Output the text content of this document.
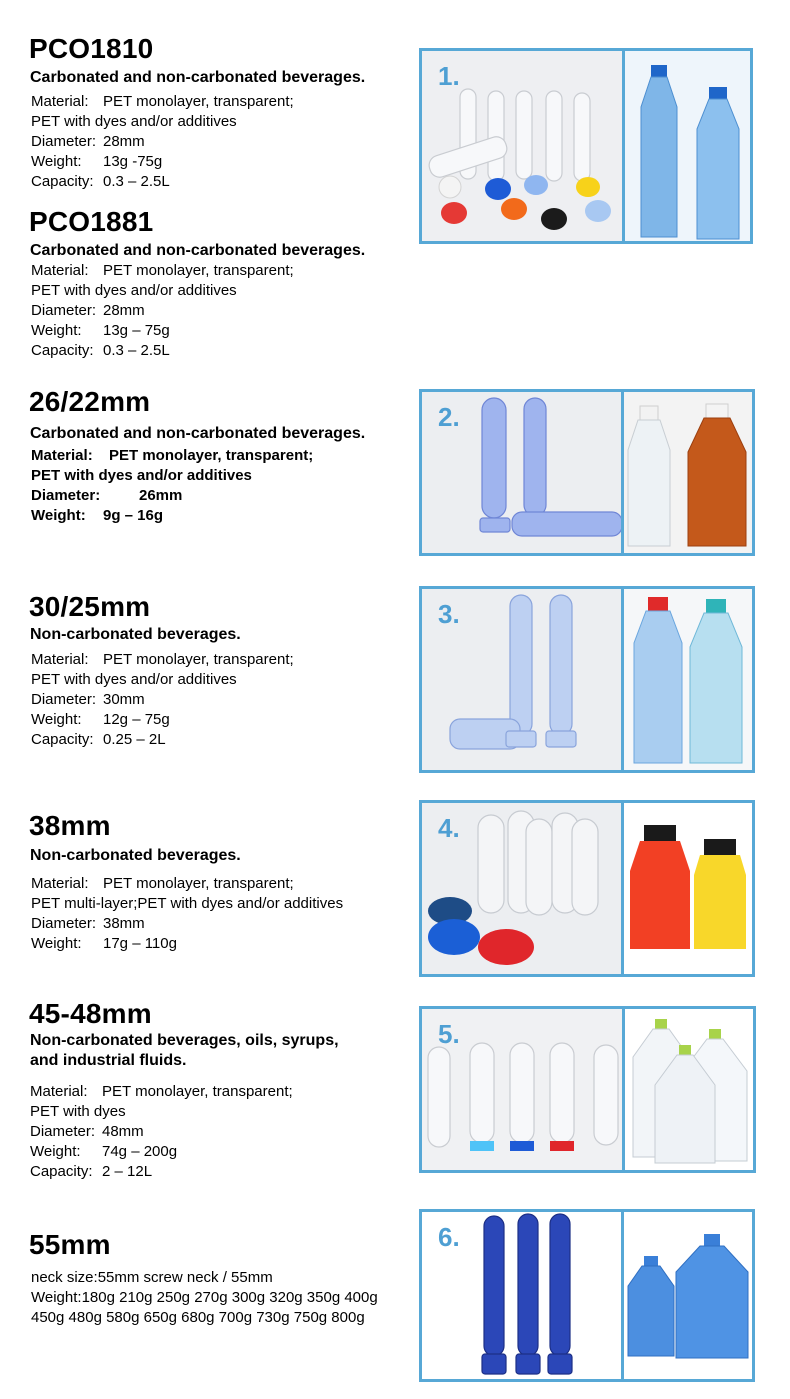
PCO1810
Carbonated and non-carbonated beverages.
Material: PET monolayer, transparent;
PET with dyes and/or additives
Diameter: 28mm
Weight: 13g -75g
Capacity: 0.3 – 2.5L
PCO1881
Carbonated and non-carbonated beverages.
Material: PET monolayer, transparent;
PET with dyes and/or additives
Diameter: 28mm
Weight: 13g – 75g
Capacity: 0.3 – 2.5L
26/22mm
Carbonated and non-carbonated beverages.
Material: PET monolayer, transparent;
PET with dyes and/or additives
Diameter:	26mm
Weight: 9g – 16g
30/25mm
Non-carbonated beverages.
Material: PET monolayer, transparent;
PET with dyes and/or additives
Diameter: 30mm
Weight: 12g – 75g
Capacity: 0.25 – 2L
38mm
Non-carbonated beverages.
Material: PET monolayer, transparent;
PET multi-layer;PET with dyes and/or additives
Diameter: 38mm
Weight: 17g – 110g
45-48mm
Non-carbonated beverages, oils, syrups,
and industrial fluids.
Material: PET monolayer, transparent;
PET with dyes
Diameter: 48mm
Weight: 74g – 200g
Capacity: 2 – 12L
55mm
neck size:55mm screw neck / 55mm
Weight:180g 210g 250g 270g 300g 320g 350g 400g
450g 480g 580g 650g 680g 700g 730g 750g 800g
1.
2.
3.
4.
5.
6.
